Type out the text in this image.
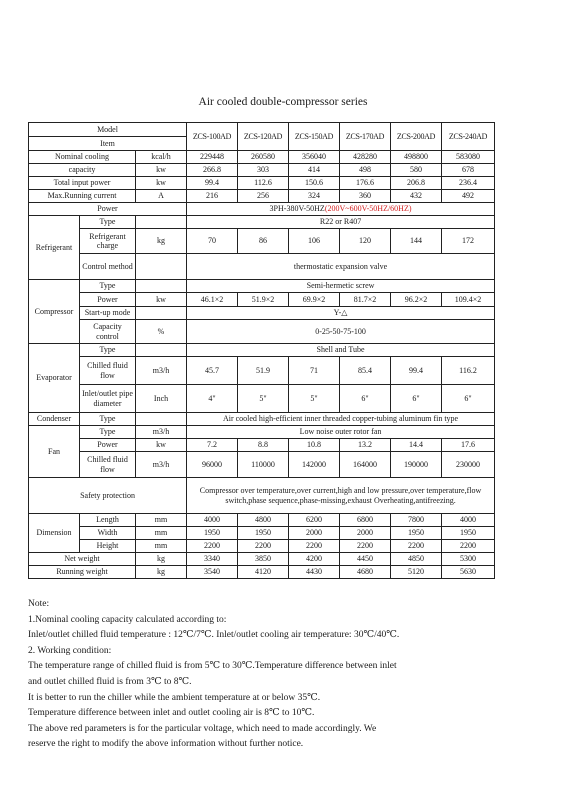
Air cooled double-compressor series
Model			ZCS-100AD	ZCS-120AD	ZCS-150AD	ZCS-170AD	ZCS-200AD	ZCS-240AD
Item								
Nominal cooling		kcal/h	229448	260580	356040	428280	498800	583080
capacity		kw	266.8	303	414	498	580	678
Total input power		kw	99.4	112.6	150.6	176.6	206.8	236.4
Max.Running current		A	216	256	324	360	432	492
Power			3PH-380V-50HZ(200V~600V-50HZ/60HZ)					
Refrigerant	Type		R22 or R407					
	Refrigerant charge	kg	70	86	106	120	144	172
	Control method		thermostatic expansion valve					
Compressor	Type		Semi-hermetic screw					
	Power	kw	46.1×2	51.9×2	69.9×2	81.7×2	96.2×2	109.4×2
	Start-up mode		Y-△					
	Capacity control	%	0-25-50-75-100					
Evaporator	Type		Shell and Tube					
	Chilled fluid flow	m3/h	45.7	51.9	71	85.4	99.4	116.2
	Inlet/outlet pipe diameter	Inch	4"	5"	5"	6"	6"	6"
Condenser	Type		Air cooled high-efficient inner threaded copper-tubing aluminum fin type					
Fan	Type	m3/h	Low noise outer rotor fan					
	Power	kw	7.2	8.8	10.8	13.2	14.4	17.6
	Chilled fluid flow	m3/h	96000	110000	142000	164000	190000	230000
Safety protection			Compressor over temperature,over current,high and low pressure,over temperature,flow switch,phase sequence,phase-missing,exhaust Overheating,antifreezing.					
Dimension	Length	mm	4000	4800	6200	6800	7800	4000
	Width	mm	1950	1950	2000	2000	1950	1950
	Height	mm	2200	2200	2200	2200	2200	2200
Net weight		kg	3340	3850	4200	4450	4850	5300
Running weight		kg	3540	4120	4430	4680	5120	5630
Note:
1.Nominal cooling capacity calculated according to:
Inlet/outlet chilled fluid temperature : 12℃/7℃. Inlet/outlet cooling air temperature: 30℃/40℃.
2. Working condition:
The temperature range of chilled fluid is from 5℃ to 30℃.Temperature difference between inlet
and outlet chilled fluid is from 3℃ to 8℃.
It is better to run the chiller while the ambient temperature at or below 35℃.
Temperature difference between inlet and outlet cooling air is 8℃ to 10℃.
The above red parameters is for the particular voltage, which need to made accordingly. We
reserve the right to modify the above information without further notice.
